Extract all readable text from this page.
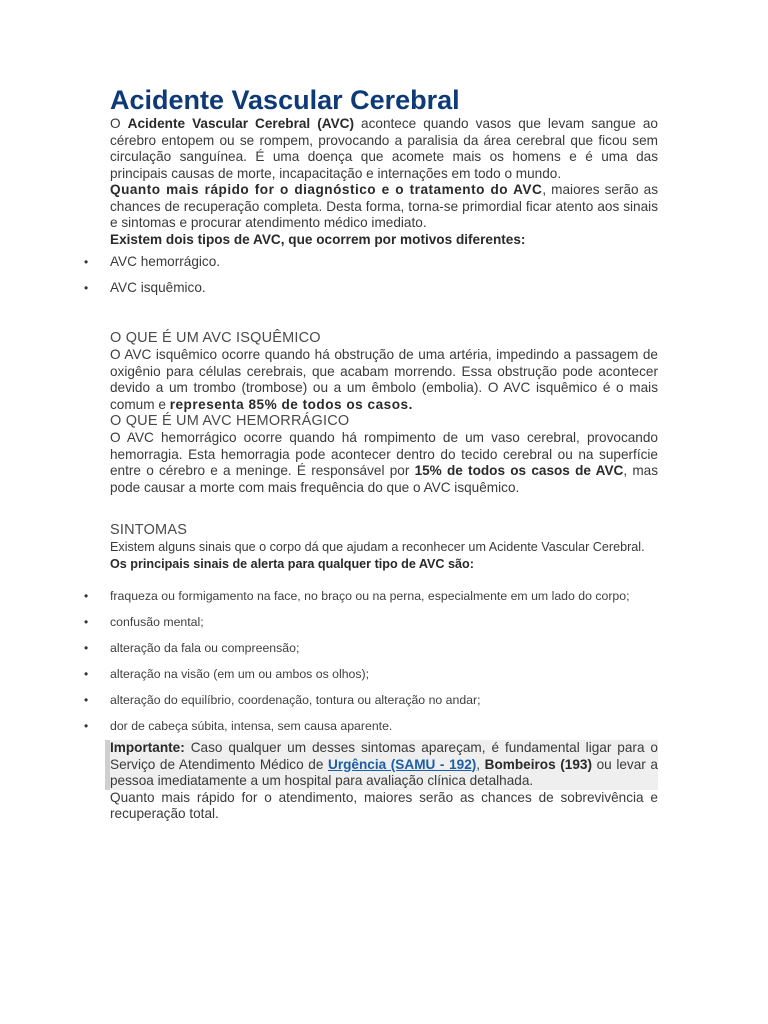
Acidente Vascular Cerebral

O Acidente Vascular Cerebral (AVC) acontece quando vasos que levam sangue ao cérebro entopem ou se rompem, provocando a paralisia da área cerebral que ficou sem circulação sanguínea. É uma doença que acomete mais os homens e é uma das principais causas de morte, incapacitação e internações em todo o mundo.

Quanto mais rápido for o diagnóstico e o tratamento do AVC, maiores serão as chances de recuperação completa. Desta forma, torna-se primordial ficar atento aos sinais e sintomas e procurar atendimento médico imediato.

Existem dois tipos de AVC, que ocorrem por motivos diferentes:

• AVC hemorrágico.
• AVC isquêmico.
O QUE É UM AVC ISQUÊMICO

O AVC isquêmico ocorre quando há obstrução de uma artéria, impedindo a passagem de oxigênio para células cerebrais, que acabam morrendo. Essa obstrução pode acontecer devido a um trombo (trombose) ou a um êmbolo (embolia). O AVC isquêmico é o mais comum e representa 85% de todos os casos.

O QUE É UM AVC HEMORRÁGICO

O AVC hemorrágico ocorre quando há rompimento de um vaso cerebral, provocando hemorragia. Esta hemorragia pode acontecer dentro do tecido cerebral ou na superfície entre o cérebro e a meninge. É responsável por 15% de todos os casos de AVC, mas pode causar a morte com mais frequência do que o AVC isquêmico.

SINTOMAS

Existem alguns sinais que o corpo dá que ajudam a reconhecer um Acidente Vascular Cerebral.

Os principais sinais de alerta para qualquer tipo de AVC são:

• fraqueza ou formigamento na face, no braço ou na perna, especialmente em um lado do corpo;
• confusão mental;
• alteração da fala ou compreensão;
• alteração na visão (em um ou ambos os olhos);
• alteração do equilíbrio, coordenação, tontura ou alteração no andar;
• dor de cabeça súbita, intensa, sem causa aparente.

Importante: Caso qualquer um desses sintomas apareçam, é fundamental ligar para o Serviço de Atendimento Médico de Urgência (SAMU - 192), Bombeiros (193) ou levar a pessoa imediatamente a um hospital para avaliação clínica detalhada.

Quanto mais rápido for o atendimento, maiores serão as chances de sobrevivência e recuperação total.
